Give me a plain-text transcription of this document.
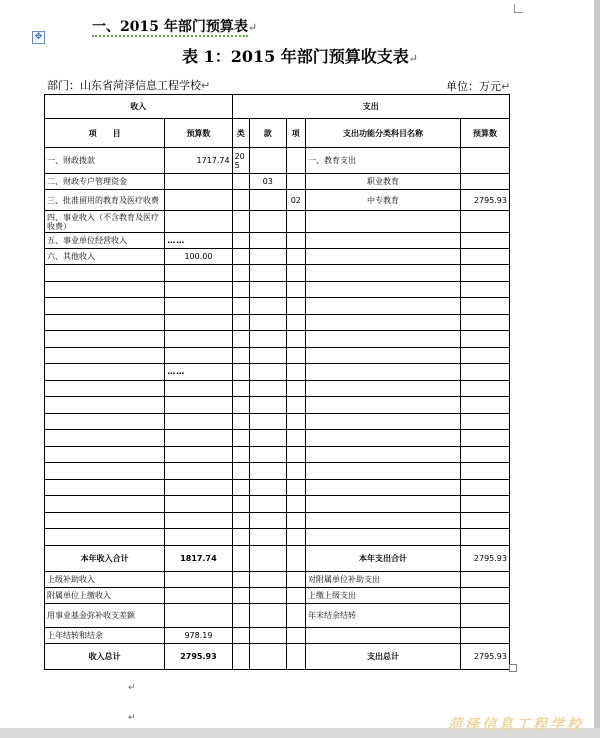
✥
一、2015 年部门预算表↵
表 1：2015 年部门预算收支表↵
部门：山东省菏泽信息工程学校↵	单位：万元↵
收入		支出				
项　　目	预算数	类	款	项	支出功能分类科目名称	预算数
一、财政拨款	1717.74	205			一、教育支出	
二、财政专户管理资金			03		职业教育	
三、批准留用的教育及医疗收费				02	中专教育	2795.93
四、事业收入（不含教育及医疗收费）						
五、事业单位经营收入	……					
六、其他收入	100.00					

	……					

本年收入合计	1817.74				本年支出合计	2795.93
上级补助收入					对附属单位补助支出	
附属单位上缴收入					上缴上级支出	
用事业基金弥补收支差额					年末结余结转	
上年结转和结余	978.19					
收入总计	2795.93				支出总计	2795.93
↵
↵	菏泽信息工程学校
